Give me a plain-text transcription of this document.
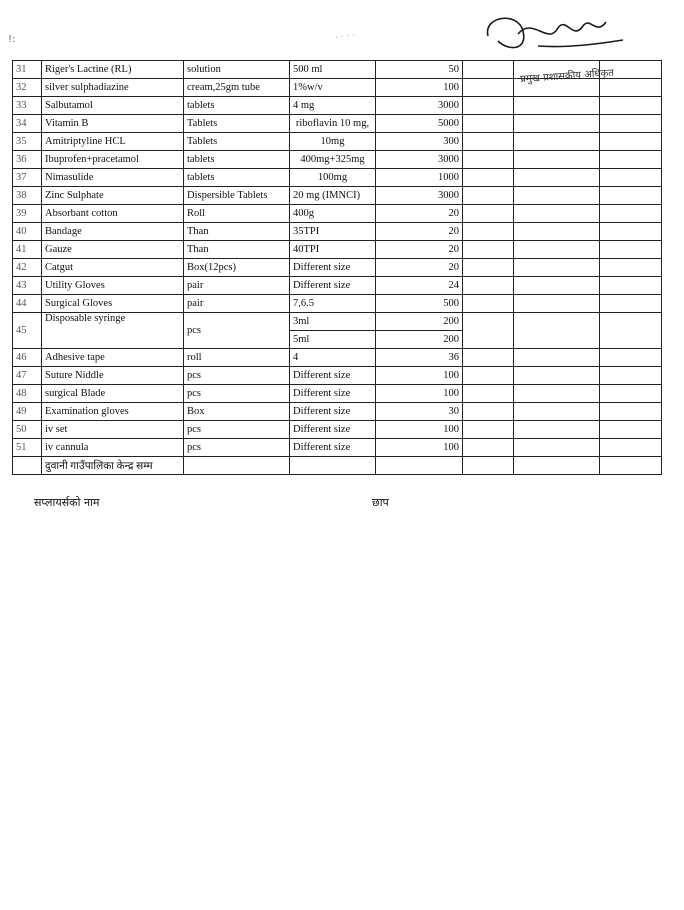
!:	· · · ·
प्रमुख प्रशासकीय अधिकृत
31	Riger's Lactine (RL)	solution	500 ml	50			
32	silver sulphadiazine	cream,25gm tube	1%w/v	100			
33	Salbutamol	tablets	4 mg	3000			
34	Vitamin B	Tablets	riboflavin 10 mg,	5000			
35	Amitriptyline HCL	Tablets	10mg	300			
36	Ibuprofen+pracetamol	tablets	400mg+325mg	3000			
37	Nimasulide	tablets	100mg	1000			
38	Zinc Sulphate	Dispersible Tablets	20 mg (IMNCI)	3000			
39	Absorbant cotton	Roll	400g	20			
40	Bandage	Than	35TPI	20			
41	Gauze	Than	40TPI	20			
42	Catgut	Box(12pcs)	Different size	20			
43	Utility Gloves	pair	Different size	24			
44	Surgical Gloves	pair	7,6.5	500			
45	Disposable syringe	pcs	3ml	200			
			5ml	200			
46	Adhesive tape	roll	4	36			
47	Suture Niddle	pcs	Different size	100			
48	surgical Blade	pcs	Different size	100			
49	Examination gloves	Box	Different size	30			
50	iv set	pcs	Different size	100			
51	iv cannula	pcs	Different size	100			
	दुवानी गाउँपालिका केन्द्र सम्म						
सप्लायर्सको नाम	छाप
